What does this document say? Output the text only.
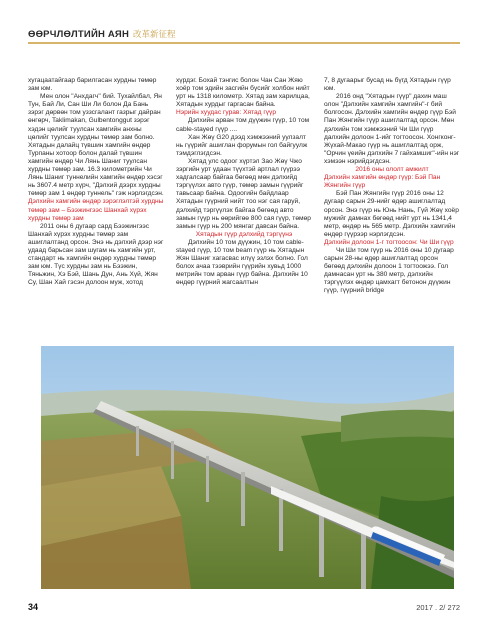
ӨӨРЧЛӨЛТИЙН АЯН 改革新征程

хугацаатайгаар барилгасан хурдны төмөр зам юм.

Мен олон "Анхдагч" бий. Тухайлбал, Ян Тун, Бай Ли, Сан Ши Ли болон Да Бань зэрэг дөрвөн том уззсгалант газрыг дайран өнгөрч, Taklimakan, Gulbentonggut зэрэг хэдэн цөлийг туулсан хамгийн анхны цөлийг туулсан хурдны төмөр зам болно. Хятадын далайц түвшин хамгийн өндөр Турпаны хотоор болон далай түвшин хамгийн өндөр Чи Лянь Шаниг туулсан хурдны төмөр зам. 16.3 километрийн Чи Лянь Шаниг туннелийн хамгийн өндөр хэсэг нь 3607.4 метр хүрч, "Дэлхий дээрх хурдны төмөр зам 1 өндөр туннель" гэж нэрлэгдсэн.

Дэлхийн хамгийн өндөр зэрэглэлтэй хурдны төмөр зам – Бээжингээс Шанхай хүрэх хурдны төмөр зам

2011 оны 6 дугаар сард Бээжингээс Шанхай хүрэх хурдны төмөр зам ашиглалтанд орсон. Энэ нь дэлхий дээр нэг удаад барьсан зам шугам нь хамгийн урт, стандарт нь хамгийн өндөр хурдны төмөр зам юм. Түс хурдны зам нь Бээжин, Тяньжин, Хэ Бэй, Шань Дун, Ань Хүй, Жян Су, Шан Хай гэсэн долоон муж, хотод

хүрдэг. Бохай тэнгис болон Чан Сан Жяю хоёр том эдийн засгийн бүсийг холбон нийт урт нь 1318 километр. Хятад зам харилцаа, Хятадын хурдыг гаргасан байна.

Нэрийн хуудас гурав: Хятад гүүр

Дэлхийн арван том дүүжин гүүр, 10 том cable-stayed гүүр ....

Хан Жөү G20 дээд хэмжээний уулзалт нь гүүрийг ашиглан форумын гол байгуулж тэмдэглэгдсэн.

Хятад улс одоог хүртэл Зао Жөү Чжо зэргийн урт удаан түүхтэй артлал гүүрээ хадгалсаар байгаа бөгөөд мөн дэлхийд тэргүүлэх авто гүүр, төмөр замын гүүрийг тавьсаар байна. Одоогийн байдлаар Хятадын гүүрний нийт тоо нэг сая гаруй, дэлхийд тэргүүлэх байгаа бөгөөд авто замын гүүр нь өөрийгөө 800 сая гүүр, төмөр замын гүүр нь 200 мянгаг давсан байна.

Хятадын гүүр дэлхийд тэргүүнэ

Дэлхийн 10 том дүүжин, 10 том cable-stayed гүүр, 10 том beam гүүр нь Хятадын Жян Шаниг хагасвас илүү эзлэх болно. Гол болох ачаа тээврийн гүүрийн хувьд 1000 метрийн том арван гүүр байна. Дэлхийн 10 өндөр гүүрний жагсаалтын

7, 8 дугаарыг бусад нь бүгд Хятадын гүүр юм.

2016 онд "Хятадын гүүр" дахин маш олон "Дэлхийн хамгийн хамгийн"-г бий болгосон. Дэлхийн хамгийн өндөр гүүр Бэй Пан Жянгийн гүүр ашиглалтад орсон. Мөн дэлхийн том хэмжээний Чи Ши гүүр далхийн долоон 1-ийг тогтоосон. Хонгконг-Жүхай-Макао гүүр нь ашиглалтад орж, "Орчин үеийн дэлхийн 7 гайхамшиг"-ийн нэг хэмээн нэрийдэгдсэн.

2016 оны ололт амжилт

Дэлхийн хамгийн өндөр гүүр: Бэй Пан Жянгийн гүүр

Бэй Пан Жянгийн гүүр 2016 оны 12 дугаар сарын 29-нийг өдөр ашиглалтад орсон. Энэ гүүр нь Юнь Нань, Гүй Жөү хоёр мужийг дамнах бөгөөд нийт урт нь 1341,4 метр, өндөр нь 565 метр. Дэлхийн хамгийн өндөр гүүрээр нэрлэгдсэн.

Дэлхийн долоон 1-г тогтоосон: Чи Ши гүүр

Чи Ши том гүүр нь 2016 оны 10 дугаар сарын 28-ны өдөр ашиглалтад орсон бөгөөд дэлхийн долоон 1 тогтоожээ. Гол дамнасан урт нь 380 метр, дэлхийн тэргүүлэх өндөр цамхагт бетонон дүүжин гүүр, гүүрний bridge

34	2017 . 2/ 272
